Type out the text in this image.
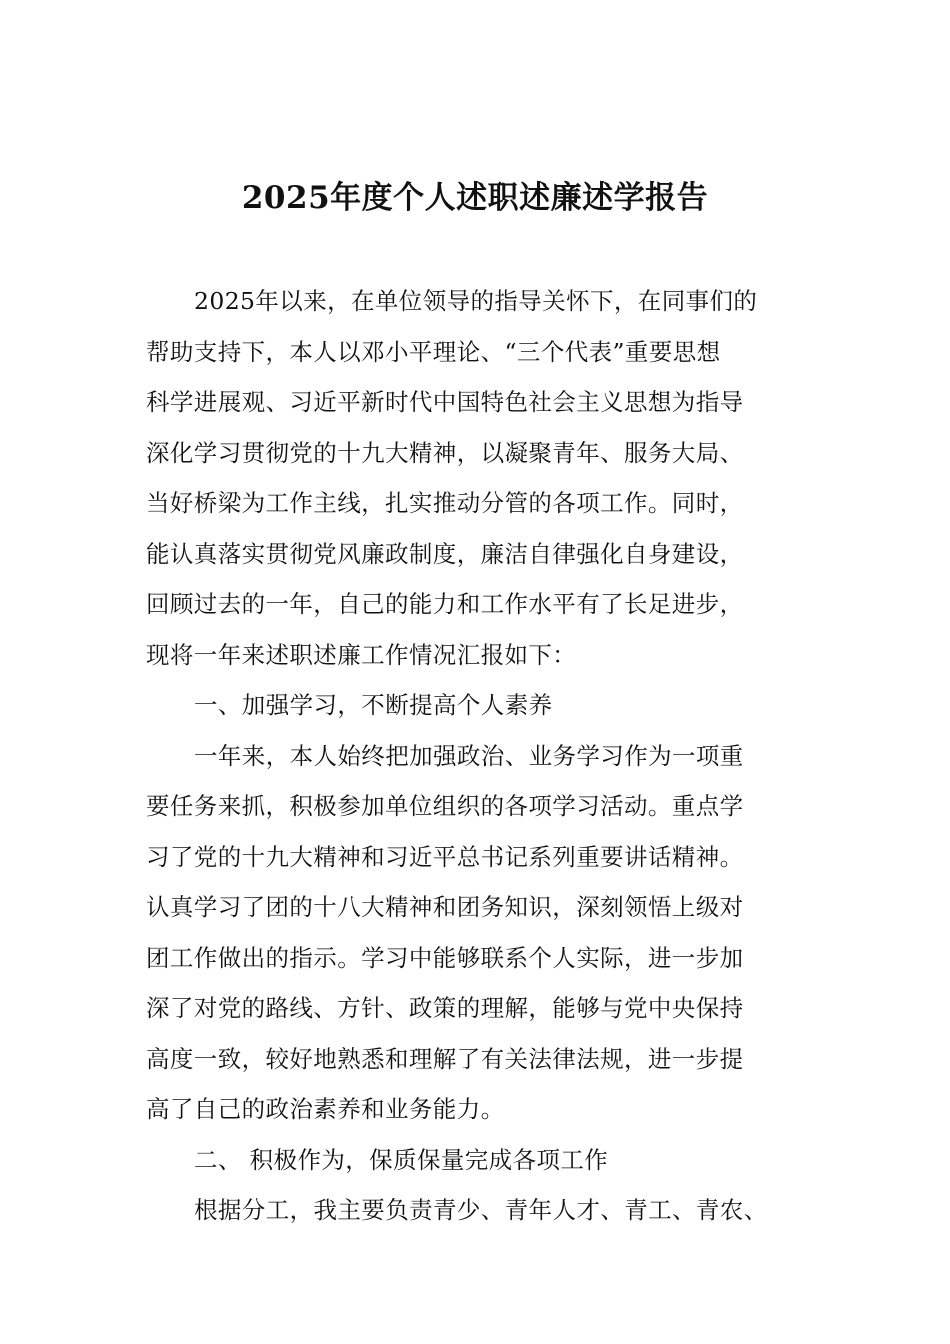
2025年度个人述职述廉述学报告
2025年以来，在单位领导的指导关怀下，在同事们的
帮助支持下，本人以邓小平理论、“三个代表”重要思想
科学进展观、习近平新时代中国特色社会主义思想为指导
深化学习贯彻党的十九大精神，以凝聚青年、服务大局、
当好桥梁为工作主线，扎实推动分管的各项工作。同时，
能认真落实贯彻党风廉政制度，廉洁自律强化自身建设，
回顾过去的一年，自己的能力和工作水平有了长足进步，
现将一年来述职述廉工作情况汇报如下：
一、加强学习，不断提高个人素养
一年来，本人始终把加强政治、业务学习作为一项重
要任务来抓，积极参加单位组织的各项学习活动。重点学
习了党的十九大精神和习近平总书记系列重要讲话精神。
认真学习了团的十八大精神和团务知识，深刻领悟上级对
团工作做出的指示。学习中能够联系个人实际，进一步加
深了对党的路线、方针、政策的理解，能够与党中央保持
高度一致，较好地熟悉和理解了有关法律法规，进一步提
高了自己的政治素养和业务能力。
二、 积极作为，保质保量完成各项工作
根据分工，我主要负责青少、青年人才、青工、青农、
